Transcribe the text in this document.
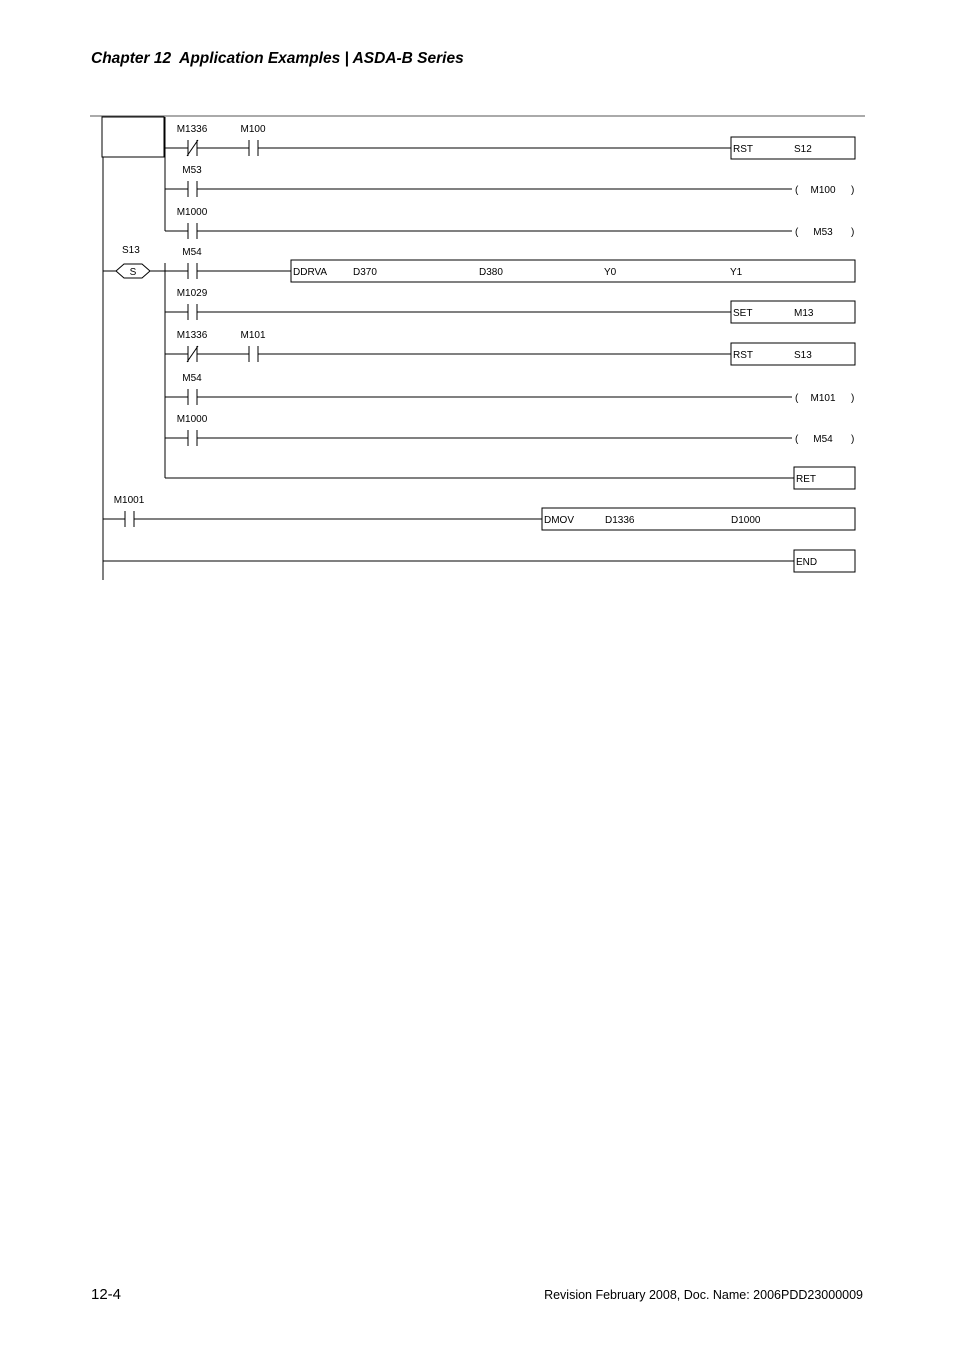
Chapter 12  Application Examples | ASDA-B Series
S13
S
M1336	M100
RST	S12
M53
( M100 )
M1000
( M53 )
M54
DDRVA	D370	D380	Y0	Y1
M1029
SET	M13
M1336	M101
RST	S13
M54
( M101 )
M1000
( M54 )
RET
M1001
DMOV	D1336	D1000
END
12-4	Revision February 2008, Doc. Name: 2006PDD23000009
